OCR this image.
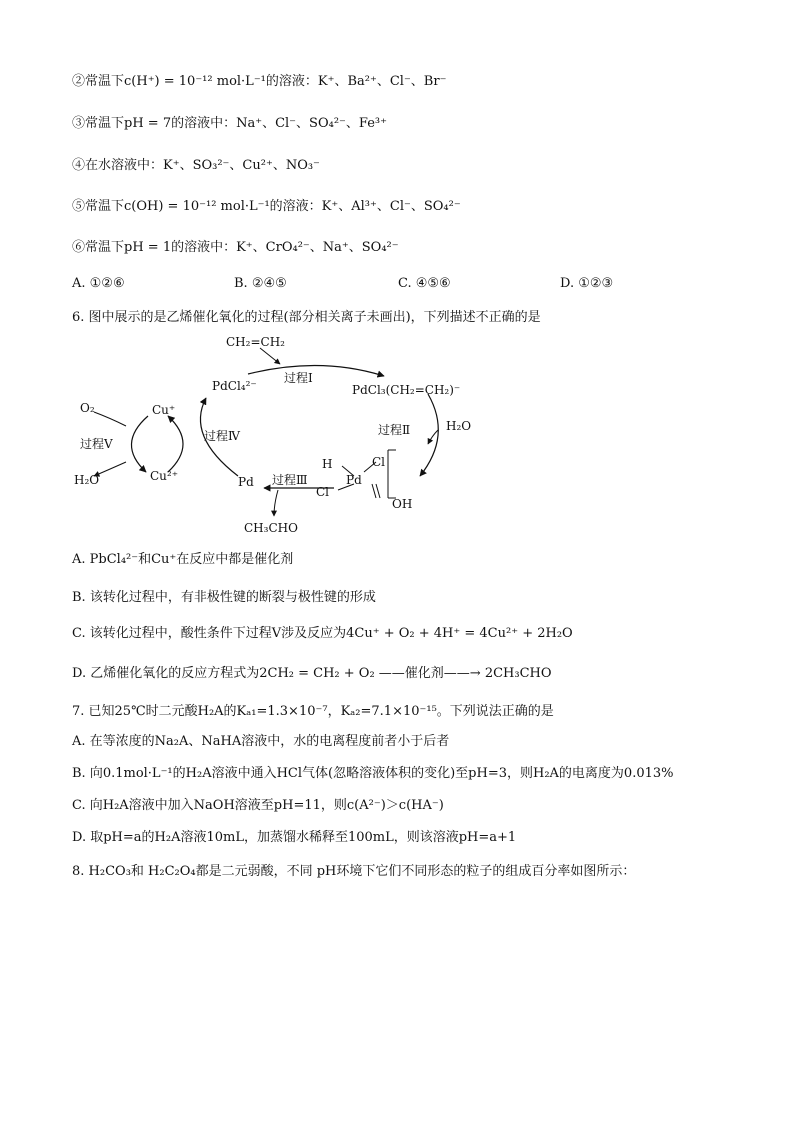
②常温下c(H⁺) = 10⁻¹² mol·L⁻¹的溶液：K⁺、Ba²⁺、Cl⁻、Br⁻
③常温下pH = 7的溶液中：Na⁺、Cl⁻、SO₄²⁻、Fe³⁺
④在水溶液中：K⁺、SO₃²⁻、Cu²⁺、NO₃⁻
⑤常温下c(OH) = 10⁻¹² mol·L⁻¹的溶液：K⁺、Al³⁺、Cl⁻、SO₄²⁻
⑥常温下pH = 1的溶液中：K⁺、CrO₄²⁻、Na⁺、SO₄²⁻
A. ①②⑥	B. ②④⑤	C. ④⑤⑥	D. ①②③
6. 图中展示的是乙烯催化氧化的过程(部分相关离子未画出)，下列描述不正确的是
CH₂=CH₂
PdCl₄²⁻
过程Ⅰ
PdCl₃(CH₂=CH₂)⁻
过程Ⅱ	H₂O
Cu⁺
O₂
过程Ⅴ
H₂O	Cu²⁺
过程Ⅳ
Pd 过程Ⅲ
H	Cl
Pd
Cl
OH
CH₃CHO
A. PbCl₄²⁻和Cu⁺在反应中都是催化剂
B. 该转化过程中，有非极性键的断裂与极性键的形成
C. 该转化过程中，酸性条件下过程Ⅴ涉及反应为4Cu⁺ + O₂ + 4H⁺ = 4Cu²⁺ + 2H₂O
D. 乙烯催化氧化的反应方程式为2CH₂ = CH₂ + O₂ ——催化剂——→ 2CH₃CHO
7. 已知25℃时二元酸H₂A的Kₐ₁=1.3×10⁻⁷，Kₐ₂=7.1×10⁻¹⁵。下列说法正确的是
A. 在等浓度的Na₂A、NaHA溶液中，水的电离程度前者小于后者
B. 向0.1mol·L⁻¹的H₂A溶液中通入HCl气体(忽略溶液体积的变化)至pH=3，则H₂A的电离度为0.013%
C. 向H₂A溶液中加入NaOH溶液至pH=11，则c(A²⁻)＞c(HA⁻)
D. 取pH=a的H₂A溶液10mL，加蒸馏水稀释至100mL，则该溶液pH=a+1
8. H₂CO₃和 H₂C₂O₄都是二元弱酸，不同 pH环境下它们不同形态的粒子的组成百分率如图所示：
